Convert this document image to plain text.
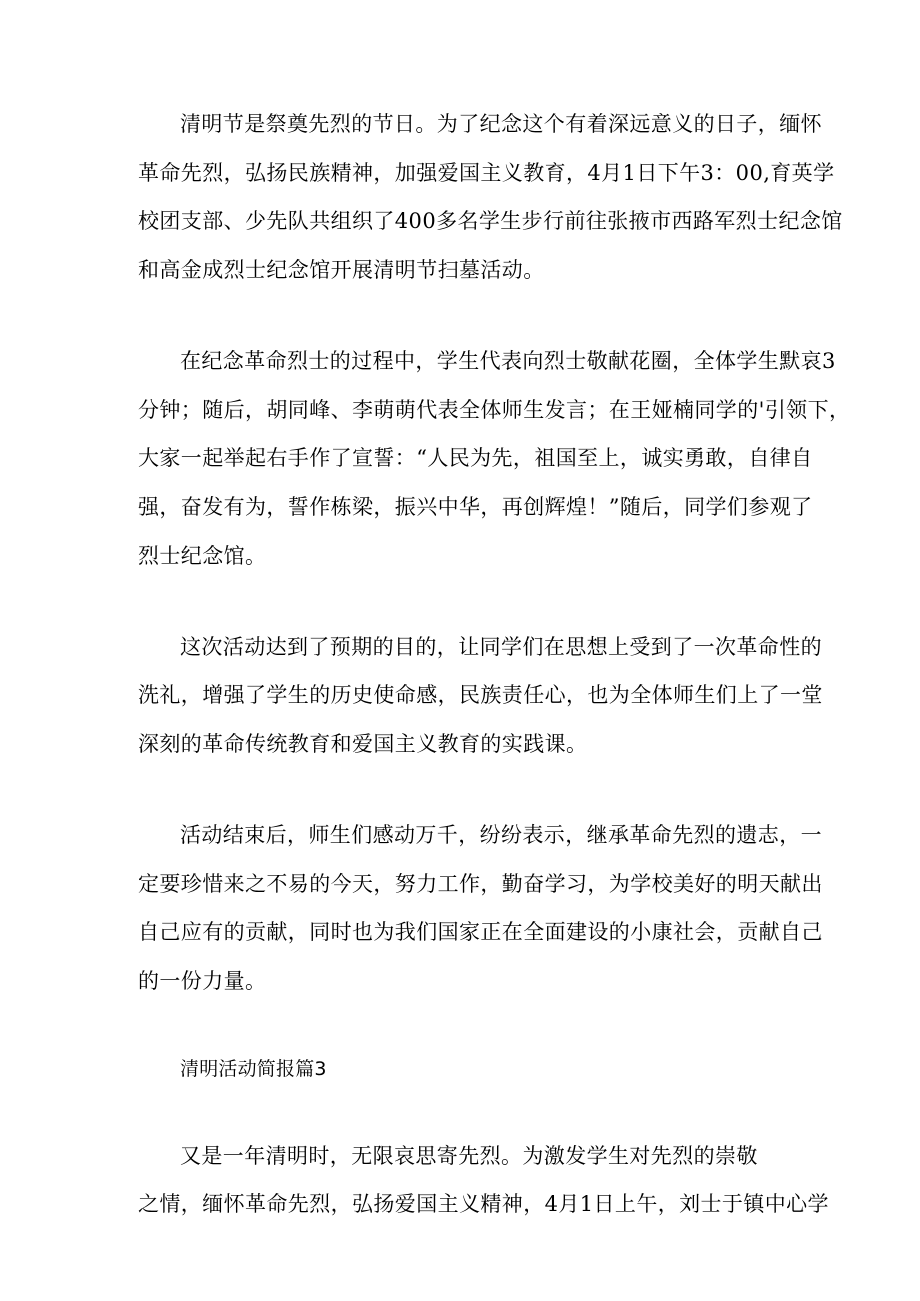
清明节是祭奠先烈的节日。为了纪念这个有着深远意义的日子，缅怀
革命先烈，弘扬民族精神，加强爱国主义教育，4月1日下午3：00,育英学
校团支部、少先队共组织了400多名学生步行前往张掖市西路军烈士纪念馆
和高金成烈士纪念馆开展清明节扫墓活动。
在纪念革命烈士的过程中，学生代表向烈士敬献花圈，全体学生默哀3
分钟；随后，胡同峰、李萌萌代表全体师生发言；在王娅楠同学的'引领下，
大家一起举起右手作了宣誓：“人民为先，祖国至上，诚实勇敢，自律自
强，奋发有为，誓作栋梁，振兴中华，再创辉煌！”随后，同学们参观了
烈士纪念馆。
这次活动达到了预期的目的，让同学们在思想上受到了一次革命性的
洗礼，增强了学生的历史使命感，民族责任心，也为全体师生们上了一堂
深刻的革命传统教育和爱国主义教育的实践课。
活动结束后，师生们感动万千，纷纷表示，继承革命先烈的遗志，一
定要珍惜来之不易的今天，努力工作，勤奋学习，为学校美好的明天献出
自己应有的贡献，同时也为我们国家正在全面建设的小康社会，贡献自己
的一份力量。
清明活动简报篇3
又是一年清明时，无限哀思寄先烈。为激发学生对先烈的崇敬
之情，缅怀革命先烈，弘扬爱国主义精神，4月1日上午，刘士于镇中心学
